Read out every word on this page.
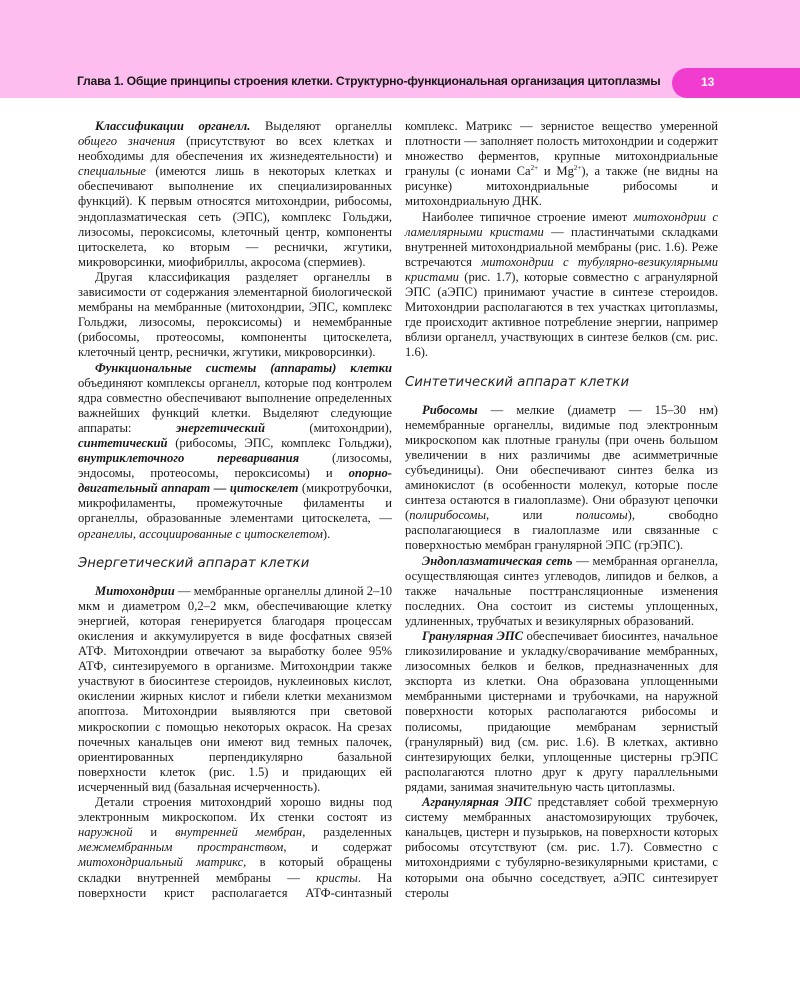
Глава 1. Общие принципы строения клетки. Структурно-функциональная организация цитоплазмы	13

Классификации органелл. Выделяют органеллы общего значения (присутствуют во всех клетках и необходимы для обеспечения их жизнедеятельности) и специальные (имеются лишь в некоторых клетках и обеспечивают выполнение их специализированных функций). К первым относятся митохондрии, рибосомы, эндоплазматическая сеть (ЭПС), комплекс Гольджи, лизосомы, пероксисомы, клеточный центр, компоненты цитоскелета, ко вторым — реснички, жгутики, микроворсинки, миофибриллы, акросома (спермиев).

Другая классификация разделяет органеллы в зависимости от содержания элементарной биологической мембраны на мембранные (митохондрии, ЭПС, комплекс Гольджи, лизосомы, пероксисомы) и немембранные (рибосомы, протеосомы, компоненты цитоскелета, клеточный центр, реснички, жгутики, микроворсинки).

Функциональные системы (аппараты) клетки объединяют комплексы органелл, которые под контролем ядра совместно обеспечивают выполнение определенных важнейших функций клетки. Выделяют следующие аппараты: энергетический (митохондрии), синтетический (рибосомы, ЭПС, комплекс Гольджи), внутриклеточного переваривания (лизосомы, эндосомы, протеосомы, пероксисомы) и опорно-двигательный аппарат — цитоскелет (микротрубочки, микрофиламенты, промежуточные филаменты и органеллы, образованные элементами цитоскелета, — органеллы, ассоциированные с цитоскелетом).

Энергетический аппарат клетки

Митохондрии — мембранные органеллы длиной 2–10 мкм и диаметром 0,2–2 мкм, обеспечивающие клетку энергией, которая генерируется благодаря процессам окисления и аккумулируется в виде фосфатных связей АТФ. Митохондрии отвечают за выработку более 95% АТФ, синтезируемого в организме. Митохондрии также участвуют в биосинтезе стероидов, нуклеиновых кислот, окислении жирных кислот и гибели клетки механизмом апоптоза. Митохондрии выявляются при световой микроскопии с помощью некоторых окрасок. На срезах почечных канальцев они имеют вид темных палочек, ориентированных перпендикулярно базальной поверхности клеток (рис. 1.5) и придающих ей исчерченный вид (базальная исчерченность).

Детали строения митохондрий хорошо видны под электронным микроскопом. Их стенки состоят из наружной и внутренней мембран, разделенных межмембранным пространством, и содержат митохондриальный матрикс, в который обращены складки внутренней мембраны — кристы. На поверхности крист располагается АТФ-синтазный

комплекс. Матрикс — зернистое вещество умеренной плотности — заполняет полость митохондрии и содержит множество ферментов, крупные митохондриальные гранулы (с ионами $Ca^{2+}$ и $Mg^{2+}$), а также (не видны на рисунке) митохондриальные рибосомы и митохондриальную ДНК.

Наиболее типичное строение имеют митохондрии с ламеллярными кристами — пластинчатыми складками внутренней митохондриальной мембраны (рис. 1.6). Реже встречаются митохондрии с тубулярно-везикулярными кристами (рис. 1.7), которые совместно с агранулярной ЭПС (аЭПС) принимают участие в синтезе стероидов. Митохондрии располагаются в тех участках цитоплазмы, где происходит активное потребление энергии, например вблизи органелл, участвующих в синтезе белков (см. рис. 1.6).

Синтетический аппарат клетки

Рибосомы — мелкие (диаметр — 15–30 нм) немембранные органеллы, видимые под электронным микроскопом как плотные гранулы (при очень большом увеличении в них различимы две асимметричные субъединицы). Они обеспечивают синтез белка из аминокислот (в особенности молекул, которые после синтеза остаются в гиалоплазме). Они образуют цепочки (полирибосомы, или полисомы), свободно располагающиеся в гиалоплазме или связанные с поверхностью мембран гранулярной ЭПС (грЭПС).

Эндоплазматическая сеть — мембранная органелла, осуществляющая синтез углеводов, липидов и белков, а также начальные посттрансляционные изменения последних. Она состоит из системы уплощенных, удлиненных, трубчатых и везикулярных образований.

Гранулярная ЭПС обеспечивает биосинтез, начальное гликозилирование и укладку/сворачивание мембранных, лизосомных белков и белков, предназначенных для экспорта из клетки. Она образована уплощенными мембранными цистернами и трубочками, на наружной поверхности которых располагаются рибосомы и полисомы, придающие мембранам зернистый (гранулярный) вид (см. рис. 1.6). В клетках, активно синтезирующих белки, уплощенные цистерны грЭПС располагаются плотно друг к другу параллельными рядами, занимая значительную часть цитоплазмы.

Агранулярная ЭПС представляет собой трехмерную систему мембранных анастомозирующих трубочек, канальцев, цистерн и пузырьков, на поверхности которых рибосомы отсутствуют (см. рис. 1.7). Совместно с митохондриями с тубулярно-везикулярными кристами, с которыми она обычно соседствует, аЭПС синтезирует стеролы
